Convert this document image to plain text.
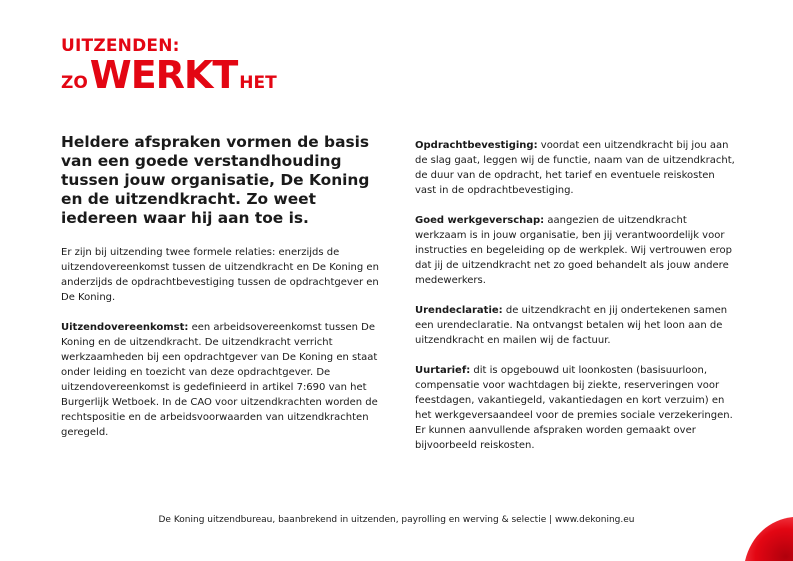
UITZENDEN:
ZOWERKT HET

Heldere afspraken vormen de basis van een goede verstandhouding tussen jouw organisatie, De Koning en de uitzendkracht. Zo weet iedereen waar hij aan toe is.

Er zijn bij uitzending twee formele relaties: enerzijds de uitzendovereenkomst tussen de uitzendkracht en De Koning en anderzijds de opdrachtbevestiging tussen de opdrachtgever en De Koning.

Uitzendovereenkomst: een arbeidsovereenkomst tussen De Koning en de uitzendkracht. De uitzendkracht verricht werkzaamheden bij een opdrachtgever van De Koning en staat onder leiding en toezicht van deze opdrachtgever. De uitzendovereenkomst is gedefinieerd in artikel 7:690 van het Burgerlijk Wetboek. In de CAO voor uitzendkrachten worden de rechtspositie en de arbeidsvoorwaarden van uitzendkrachten geregeld.

Opdrachtbevestiging: voordat een uitzendkracht bij jou aan de slag gaat, leggen wij de functie, naam van de uitzendkracht, de duur van de opdracht, het tarief en eventuele reiskosten vast in de opdrachtbevestiging.

Goed werkgeverschap: aangezien de uitzendkracht werkzaam is in jouw organisatie, ben jij verantwoordelijk voor instructies en begeleiding op de werkplek. Wij vertrouwen erop dat jij de uitzendkracht net zo goed behandelt als jouw andere medewerkers.

Urendeclaratie: de uitzendkracht en jij ondertekenen samen een urendeclaratie. Na ontvangst betalen wij het loon aan de uitzendkracht en mailen wij de factuur.

Uurtarief: dit is opgebouwd uit loonkosten (basisuurloon, compensatie voor wachtdagen bij ziekte, reserveringen voor feestdagen, vakantiegeld, vakantiedagen en kort verzuim) en het werkgeversaandeel voor de premies sociale verzekeringen. Er kunnen aanvullende afspraken worden gemaakt over bijvoorbeeld reiskosten.

De Koning uitzendbureau, baanbrekend in uitzenden, payrolling en werving & selectie | www.dekoning.eu
